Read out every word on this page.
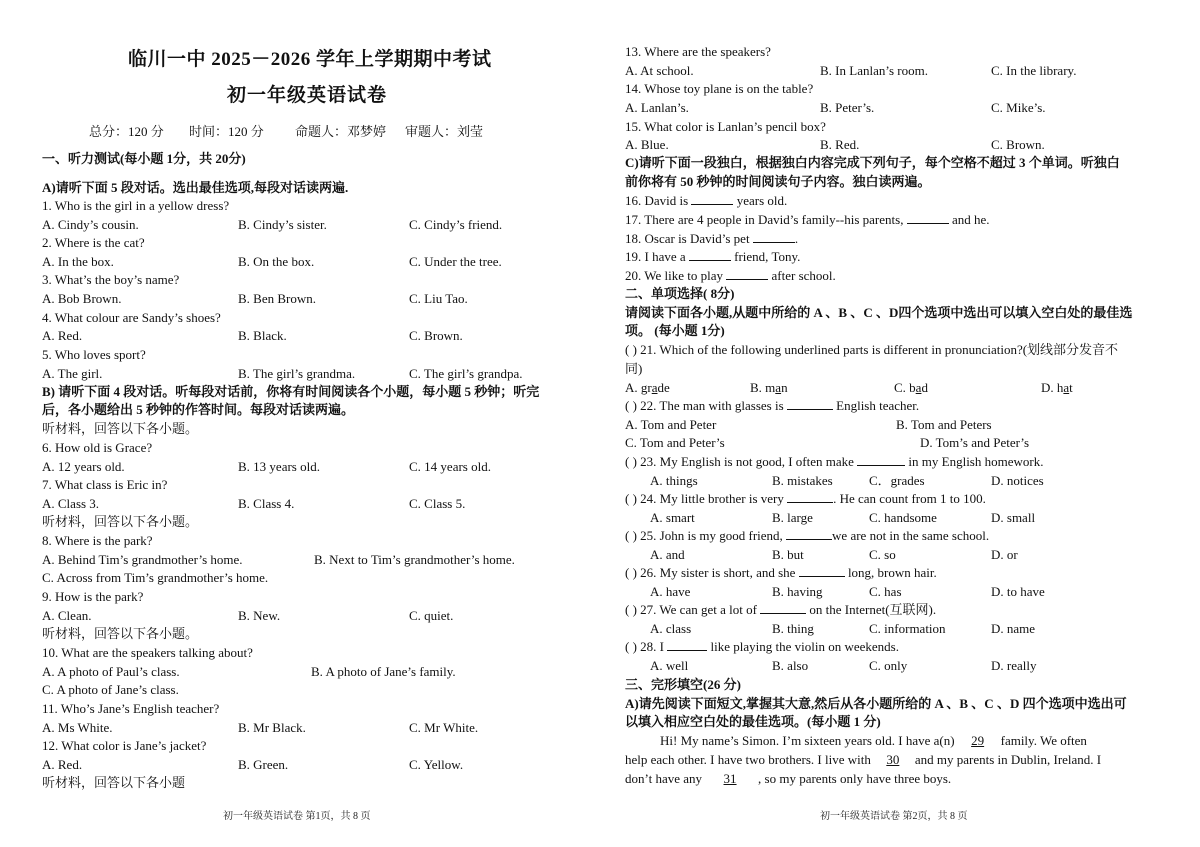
临川一中 2025－2026 学年上学期期中考试
初一年级英语试卷
总分：120 分 时间：120 分 命题人：邓梦婷 审题人：刘莹
一、听力测试(每小题 1分，共 20分)
A)请听下面 5 段对话。选出最佳选项,每段对话读两遍.
1. Who is the girl in a yellow dress?
A. Cindy’s cousin.	B. Cindy’s sister.	C. Cindy’s friend.
2. Where is the cat?
A. In the box.	B. On the box.	C. Under the tree.
3. What’s the boy’s name?
A. Bob Brown.	B. Ben Brown.	C. Liu Tao.
4. What colour are Sandy’s shoes?
A. Red.	B. Black.	C. Brown.
5. Who loves sport?
A. The girl.	B. The girl’s grandma.	C. The girl’s grandpa.
B) 请听下面 4 段对话。听每段对话前，你将有时间阅读各个小题，每小题 5 秒钟；听完
后，各小题给出 5 秒钟的作答时间。每段对话读两遍。
听材料，回答以下各小题。
6. How old is Grace?
A. 12 years old.	B. 13 years old.	C. 14 years old.
7. What class is Eric in?
A. Class 3.	B. Class 4.	C. Class 5.
听材料，回答以下各小题。
8. Where is the park?
A. Behind Tim’s grandmother’s home.	B. Next to Tim’s grandmother’s home.
C. Across from Tim’s grandmother’s home.
9. How is the park?
A. Clean.	B. New.	C. quiet.
听材料，回答以下各小题。
10. What are the speakers talking about?
A. A photo of Paul’s class.	B. A photo of Jane’s family.
C. A photo of Jane’s class.
11. Who’s Jane’s English teacher?
A. Ms White.	B. Mr Black.	C. Mr White.
12. What color is Jane’s jacket?
A. Red.	B. Green.	C. Yellow.
听材料，回答以下各小题
初一年级英语试卷 第1页，共 8 页
13. Where are the speakers?
A. At school.	B. In Lanlan’s room.	C. In the library.
14. Whose toy plane is on the table?
A. Lanlan’s.	B. Peter’s.	C. Mike’s.
15. What color is Lanlan’s pencil box?
A. Blue.	B. Red.	C. Brown.
C)请听下面一段独白，根据独白内容完成下列句子，每个空格不超过 3 个单词。听独白
前你将有 50 秒钟的时间阅读句子内容。独白读两遍。
16. David is	years old.
17. There are 4 people in David’s family--his parents,	and he.
18. Oscar is David’s pet	.
19. I have a	friend, Tony.
20. We like to play	after school.
二、单项选择( 8分)
请阅读下面各小题,从题中所给的 A 、B 、C 、D四个选项中选出可以填入空白处的最佳选
项。 (每小题 1分)
( ) 21. Which of the following underlined parts is different in pronunciation?(划线部分发音不
同)
A. grade	B. man	C. bad	D. hat
( ) 22. The man with glasses is	English teacher.
A. Tom and Peter	B. Tom and Peters
C. Tom and Peter’s	D. Tom’s and Peter’s
( ) 23. My English is not good, I often make	in my English homework.
A. things	B. mistakes	C．grades	D. notices
( ) 24. My little brother is very	. He can count from 1 to 100.
A. smart	B. large	C. handsome	D. small
( ) 25. John is my good friend,	we are not in the same school.
A. and	B. but	C. so	D. or
( ) 26. My sister is short, and she	long, brown hair.
A. have	B. having	C. has	D. to have
( ) 27. We can get a lot of	on the Internet(互联网).
A. class	B. thing	C. information	D. name
( ) 28. I	like playing the violin on weekends.
A. well	B. also	C. only	D. really
三、完形填空(26 分)
A)请先阅读下面短文,掌握其大意,然后从各小题所给的 A 、B 、C 、D 四个选项中选出可
以填入相应空白处的最佳选项。(每小题 1 分)
Hi! My name’s Simon. I’m sixteen years old. I have a(n) 29 family. We often
help each other. I have two brothers. I live with 30 and my parents in Dublin, Ireland. I
don’t have any 31 , so my parents only have three boys.
初一年级英语试卷 第2页，共 8 页
